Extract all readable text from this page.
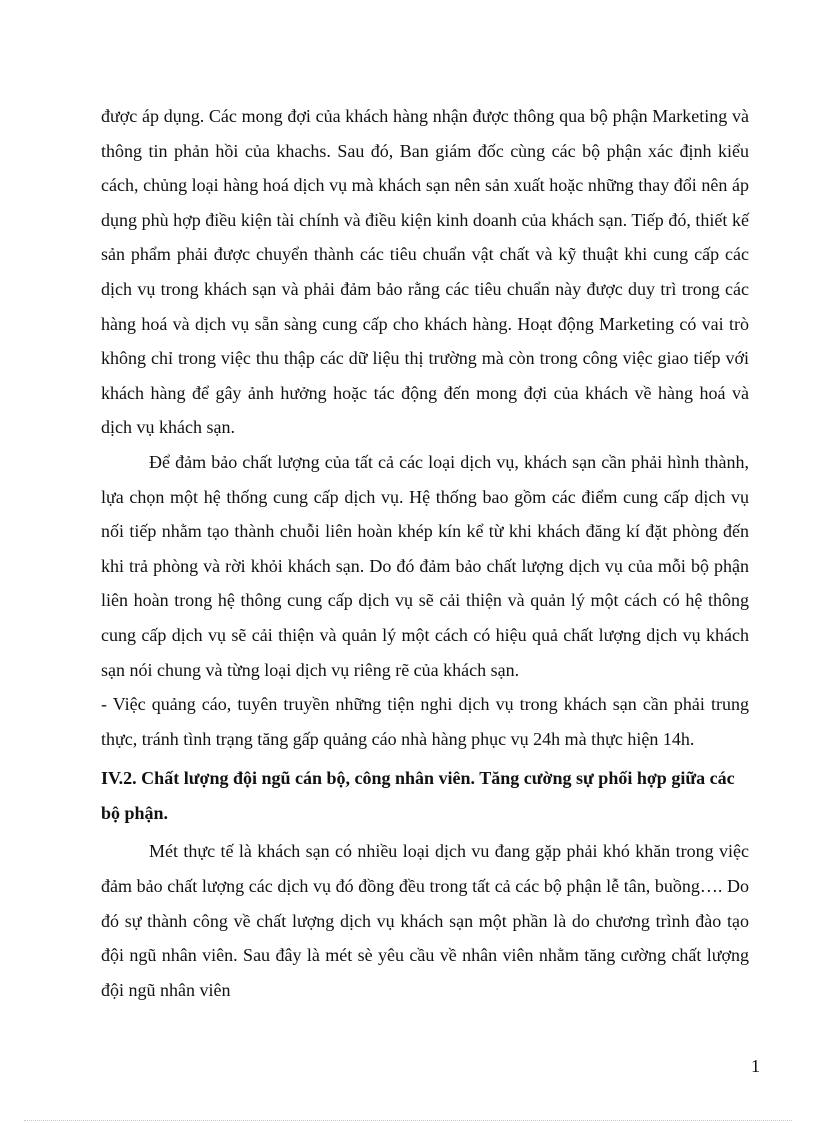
được áp dụng. Các mong đợi của khách hàng nhận được thông qua bộ phận Marketing và thông tin phản hồi của khachs. Sau đó, Ban giám đốc cùng các bộ phận xác định kiểu cách, chủng loại hàng hoá dịch vụ mà khách sạn nên sản xuất hoặc những thay đổi nên áp dụng phù hợp điều kiện tài chính và điều kiện kinh doanh của khách sạn. Tiếp đó, thiết kế sản phẩm phải được chuyển thành các tiêu chuẩn vật chất và kỹ thuật khi cung cấp các dịch vụ trong khách sạn và phải đảm bảo rằng các tiêu chuẩn này được duy trì trong các hàng hoá và dịch vụ sẵn sàng cung cấp cho khách hàng. Hoạt động Marketing có vai trò không chỉ trong việc thu thập các dữ liệu thị trường mà còn trong công việc giao tiếp với khách hàng để gây ảnh hưởng hoặc tác động đến mong đợi của khách về hàng hoá và dịch vụ khách sạn.

Để đảm bảo chất lượng của tất cả các loại dịch vụ, khách sạn cần phải hình thành, lựa chọn một hệ thống cung cấp dịch vụ. Hệ thống bao gồm các điểm cung cấp dịch vụ nối tiếp nhằm tạo thành chuỗi liên hoàn khép kín kể từ khi khách đăng kí đặt phòng đến khi trả phòng và rời khỏi khách sạn. Do đó đảm bảo chất lượng dịch vụ của mỗi bộ phận liên hoàn trong hệ thông cung cấp dịch vụ sẽ cải thiện và quản lý một cách có hệ thông cung cấp dịch vụ sẽ cải thiện và quản lý một cách có hiệu quả chất lượng dịch vụ khách sạn nói chung và từng loại dịch vụ riêng rẽ của khách sạn.

- Việc quảng cáo, tuyên truyền những tiện nghi dịch vụ trong khách sạn cần phải trung thực, tránh tình trạng tăng gấp quảng cáo nhà hàng phục vụ 24h mà thực hiện 14h.

IV.2. Chất lượng đội ngũ cán bộ, công nhân viên. Tăng cường sự phối hợp giữa các bộ phận.

Mét thực tế là khách sạn có nhiều loại dịch vu đang gặp phải khó khăn trong việc đảm bảo chất lượng các dịch vụ đó đồng đều trong tất cả các bộ phận lễ tân, buồng…. Do đó sự thành công về chất lượng dịch vụ khách sạn một phần là do chương trình đào tạo đội ngũ nhân viên. Sau đây là mét sè yêu cầu về nhân viên nhằm tăng cường chất lượng đội ngũ nhân viên

1
